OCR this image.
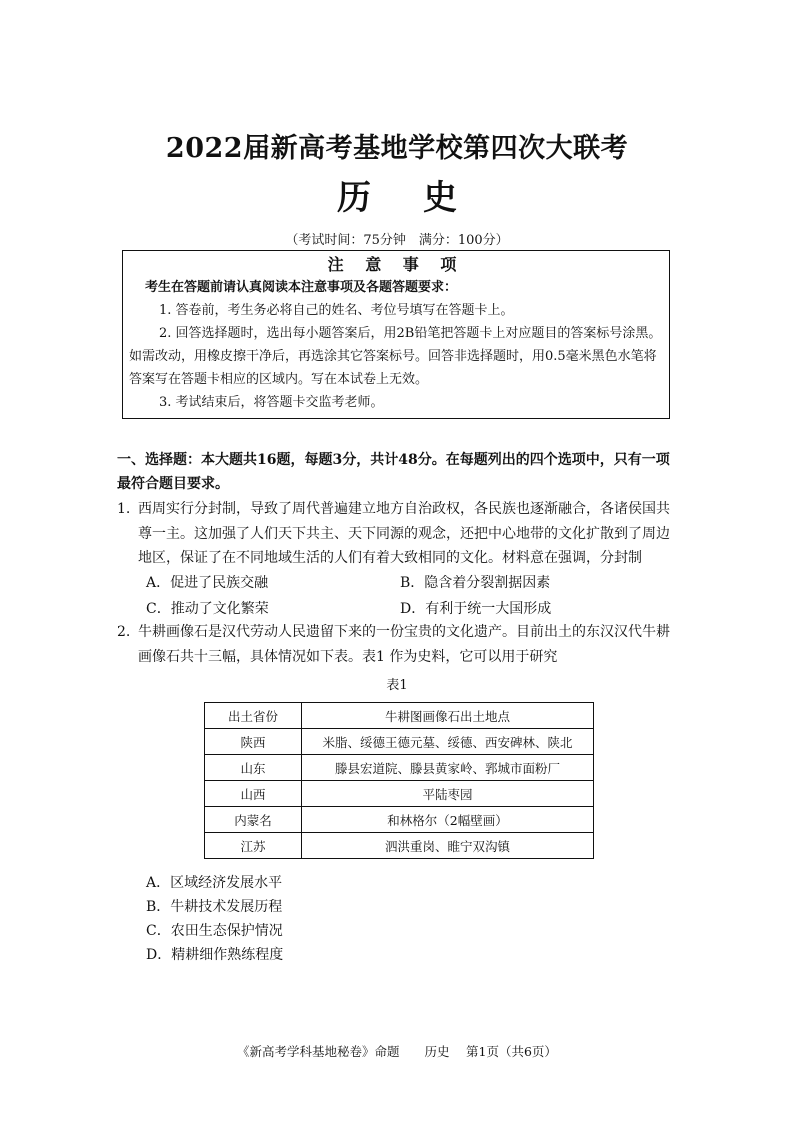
2022届新高考基地学校第四次大联考
历 史
（考试时间：75分钟　满分：100分）
注 意 事 项
考生在答题前请认真阅读本注意事项及各题答题要求：
1. 答卷前，考生务必将自己的姓名、考位号填写在答题卡上。
2. 回答选择题时，选出每小题答案后，用2B铅笔把答题卡上对应题目的答案标号涂黑。如需改动，用橡皮擦干净后，再选涂其它答案标号。回答非选择题时，用0.5毫米黑色水笔将答案写在答题卡相应的区域内。写在本试卷上无效。
3. 考试结束后，将答题卡交监考老师。
一、选择题：本大题共16题，每题3分，共计48分。在每题列出的四个选项中，只有一项最符合题目要求。
1. 西周实行分封制，导致了周代普遍建立地方自治政权，各民族也逐渐融合，各诸侯国共尊一主。这加强了人们天下共主、天下同源的观念，还把中心地带的文化扩散到了周边地区，保证了在不同地域生活的人们有着大致相同的文化。材料意在强调，分封制
A．促进了民族交融	B．隐含着分裂割据因素
C．推动了文化繁荣	D．有利于统一大国形成
2. 牛耕画像石是汉代劳动人民遗留下来的一份宝贵的文化遗产。目前出土的东汉汉代牛耕画像石共十三幅，具体情况如下表。表1 作为史料，它可以用于研究
表1
出土省份	牛耕图画像石出土地点
陕西	米脂、绥德王德元墓、绥德、西安碑林、陕北
山东	滕县宏道院、滕县黄家岭、郛城市面粉厂
山西	平陆枣园
内蒙名	和林格尔（2幅壁画）
江苏	泗洪重岗、睢宁双沟镇
A．区域经济发展水平
B．牛耕技术发展历程
C．农田生态保护情况
D．精耕细作熟练程度
《新高考学科基地秘卷》命题　　历史　 第1页（共6页）
